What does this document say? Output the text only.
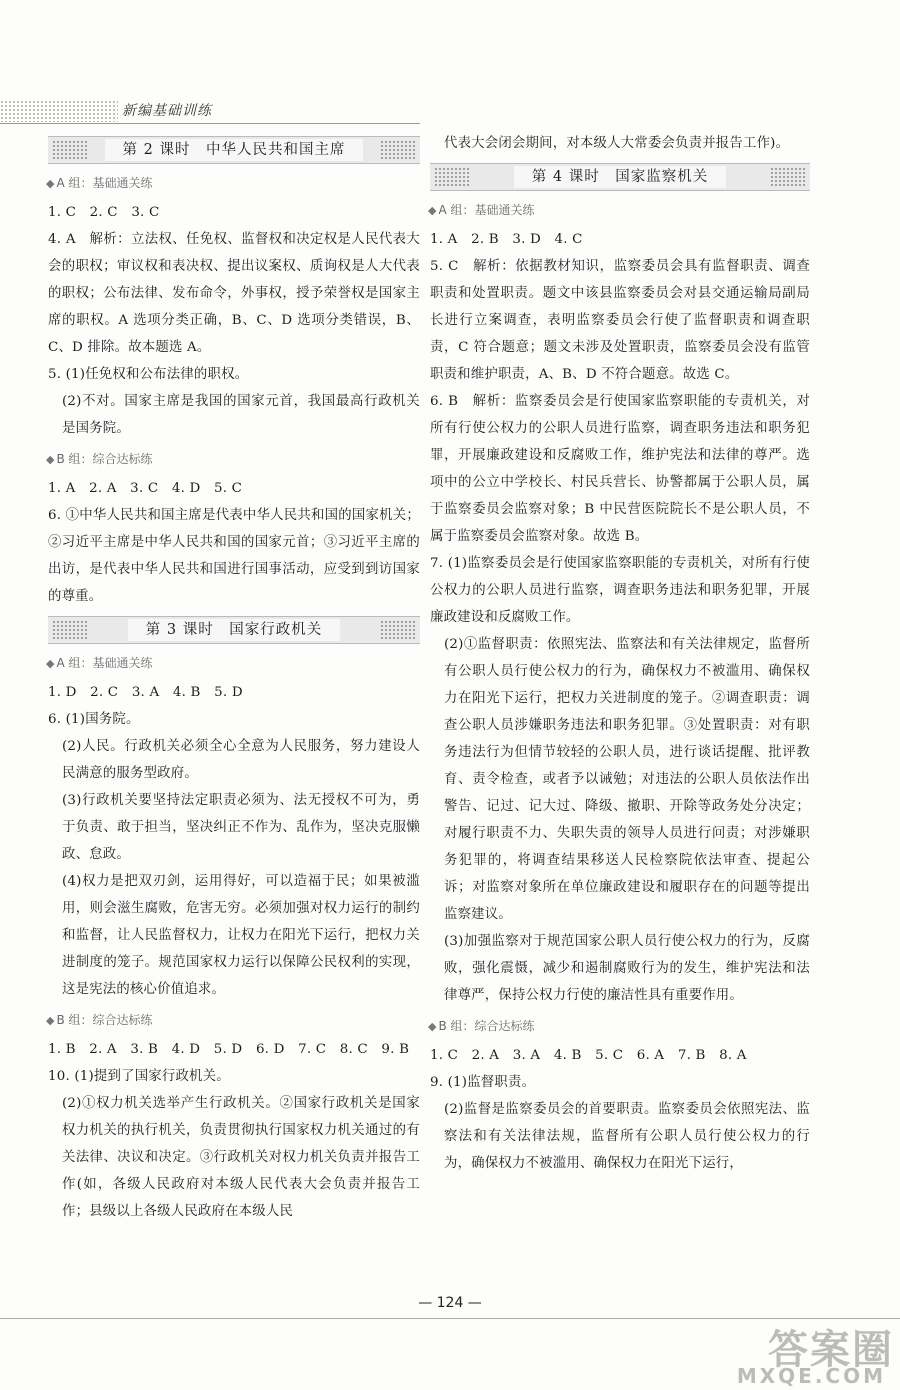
新编基础训练
第 2 课时　中华人民共和国主席
◆ A 组：基础通关练

1. C　2. C　3. C

4. A　解析：立法权、任免权、监督权和决定权是人民代表大会的职权；审议权和表决权、提出议案权、质询权是人大代表的职权；公布法律、发布命令，外事权，授予荣誉权是国家主席的职权。A 选项分类正确，B、C、D 选项分类错误，B、C、D 排除。故本题选 A。

5. (1)任免权和公布法律的职权。

(2)不对。国家主席是我国的国家元首，我国最高行政机关是国务院。

◆ B 组：综合达标练

1. A　2. A　3. C　4. D　5. C

6. ①中华人民共和国主席是代表中华人民共和国的国家机关；②习近平主席是中华人民共和国的国家元首；③习近平主席的出访，是代表中华人民共和国进行国事活动，应受到到访国家的尊重。

第 3 课时　国家行政机关
◆ A 组：基础通关练

1. D　2. C　3. A　4. B　5. D

6. (1)国务院。

(2)人民。行政机关必须全心全意为人民服务，努力建设人民满意的服务型政府。

(3)行政机关要坚持法定职责必须为、法无授权不可为，勇于负责、敢于担当，坚决纠正不作为、乱作为，坚决克服懒政、怠政。

(4)权力是把双刃剑，运用得好，可以造福于民；如果被滥用，则会滋生腐败，危害无穷。必须加强对权力运行的制约和监督，让人民监督权力，让权力在阳光下运行，把权力关进制度的笼子。规范国家权力运行以保障公民权利的实现，这是宪法的核心价值追求。

◆ B 组：综合达标练

1. B　2. A　3. B　4. D　5. D　6. D　7. C　8. C　9. B

10. (1)提到了国家行政机关。

(2)①权力机关选举产生行政机关。②国家行政机关是国家权力机关的执行机关，负责贯彻执行国家权力机关通过的有关法律、决议和决定。③行政机关对权力机关负责并报告工作(如，各级人民政府对本级人民代表大会负责并报告工作；县级以上各级人民政府在本级人民

代表大会闭会期间，对本级人大常委会负责并报告工作)。

第 4 课时　国家监察机关
◆ A 组：基础通关练

1. A　2. B　3. D　4. C

5. C　解析：依据教材知识，监察委员会具有监督职责、调查职责和处置职责。题文中该县监察委员会对县交通运输局副局长进行立案调查，表明监察委员会行使了监督职责和调查职责，C 符合题意；题文未涉及处置职责，监察委员会没有监管职责和维护职责，A、B、D 不符合题意。故选 C。

6. B　解析：监察委员会是行使国家监察职能的专责机关，对所有行使公权力的公职人员进行监察，调查职务违法和职务犯罪，开展廉政建设和反腐败工作，维护宪法和法律的尊严。选项中的公立中学校长、村民兵营长、协警都属于公职人员，属于监察委员会监察对象；B 中民营医院院长不是公职人员，不属于监察委员会监察对象。故选 B。

7. (1)监察委员会是行使国家监察职能的专责机关，对所有行使公权力的公职人员进行监察，调查职务违法和职务犯罪，开展廉政建设和反腐败工作。

(2)①监督职责：依照宪法、监察法和有关法律规定，监督所有公职人员行使公权力的行为，确保权力不被滥用、确保权力在阳光下运行，把权力关进制度的笼子。②调查职责：调查公职人员涉嫌职务违法和职务犯罪。③处置职责：对有职务违法行为但情节较轻的公职人员，进行谈话提醒、批评教育、责令检查，或者予以诫勉；对违法的公职人员依法作出警告、记过、记大过、降级、撤职、开除等政务处分决定；对履行职责不力、失职失责的领导人员进行问责；对涉嫌职务犯罪的，将调查结果移送人民检察院依法审查、提起公诉；对监察对象所在单位廉政建设和履职存在的问题等提出监察建议。

(3)加强监察对于规范国家公职人员行使公权力的行为，反腐败，强化震慑，减少和遏制腐败行为的发生，维护宪法和法律尊严，保持公权力行使的廉洁性具有重要作用。

◆ B 组：综合达标练

1. C　2. A　3. A　4. B　5. C　6. A　7. B　8. A

9. (1)监督职责。

(2)监督是监察委员会的首要职责。监察委员会依照宪法、监察法和有关法律法规，监督所有公职人员行使公权力的行为，确保权力不被滥用、确保权力在阳光下运行，

— 124 —
答案圈
MXQE.COM
